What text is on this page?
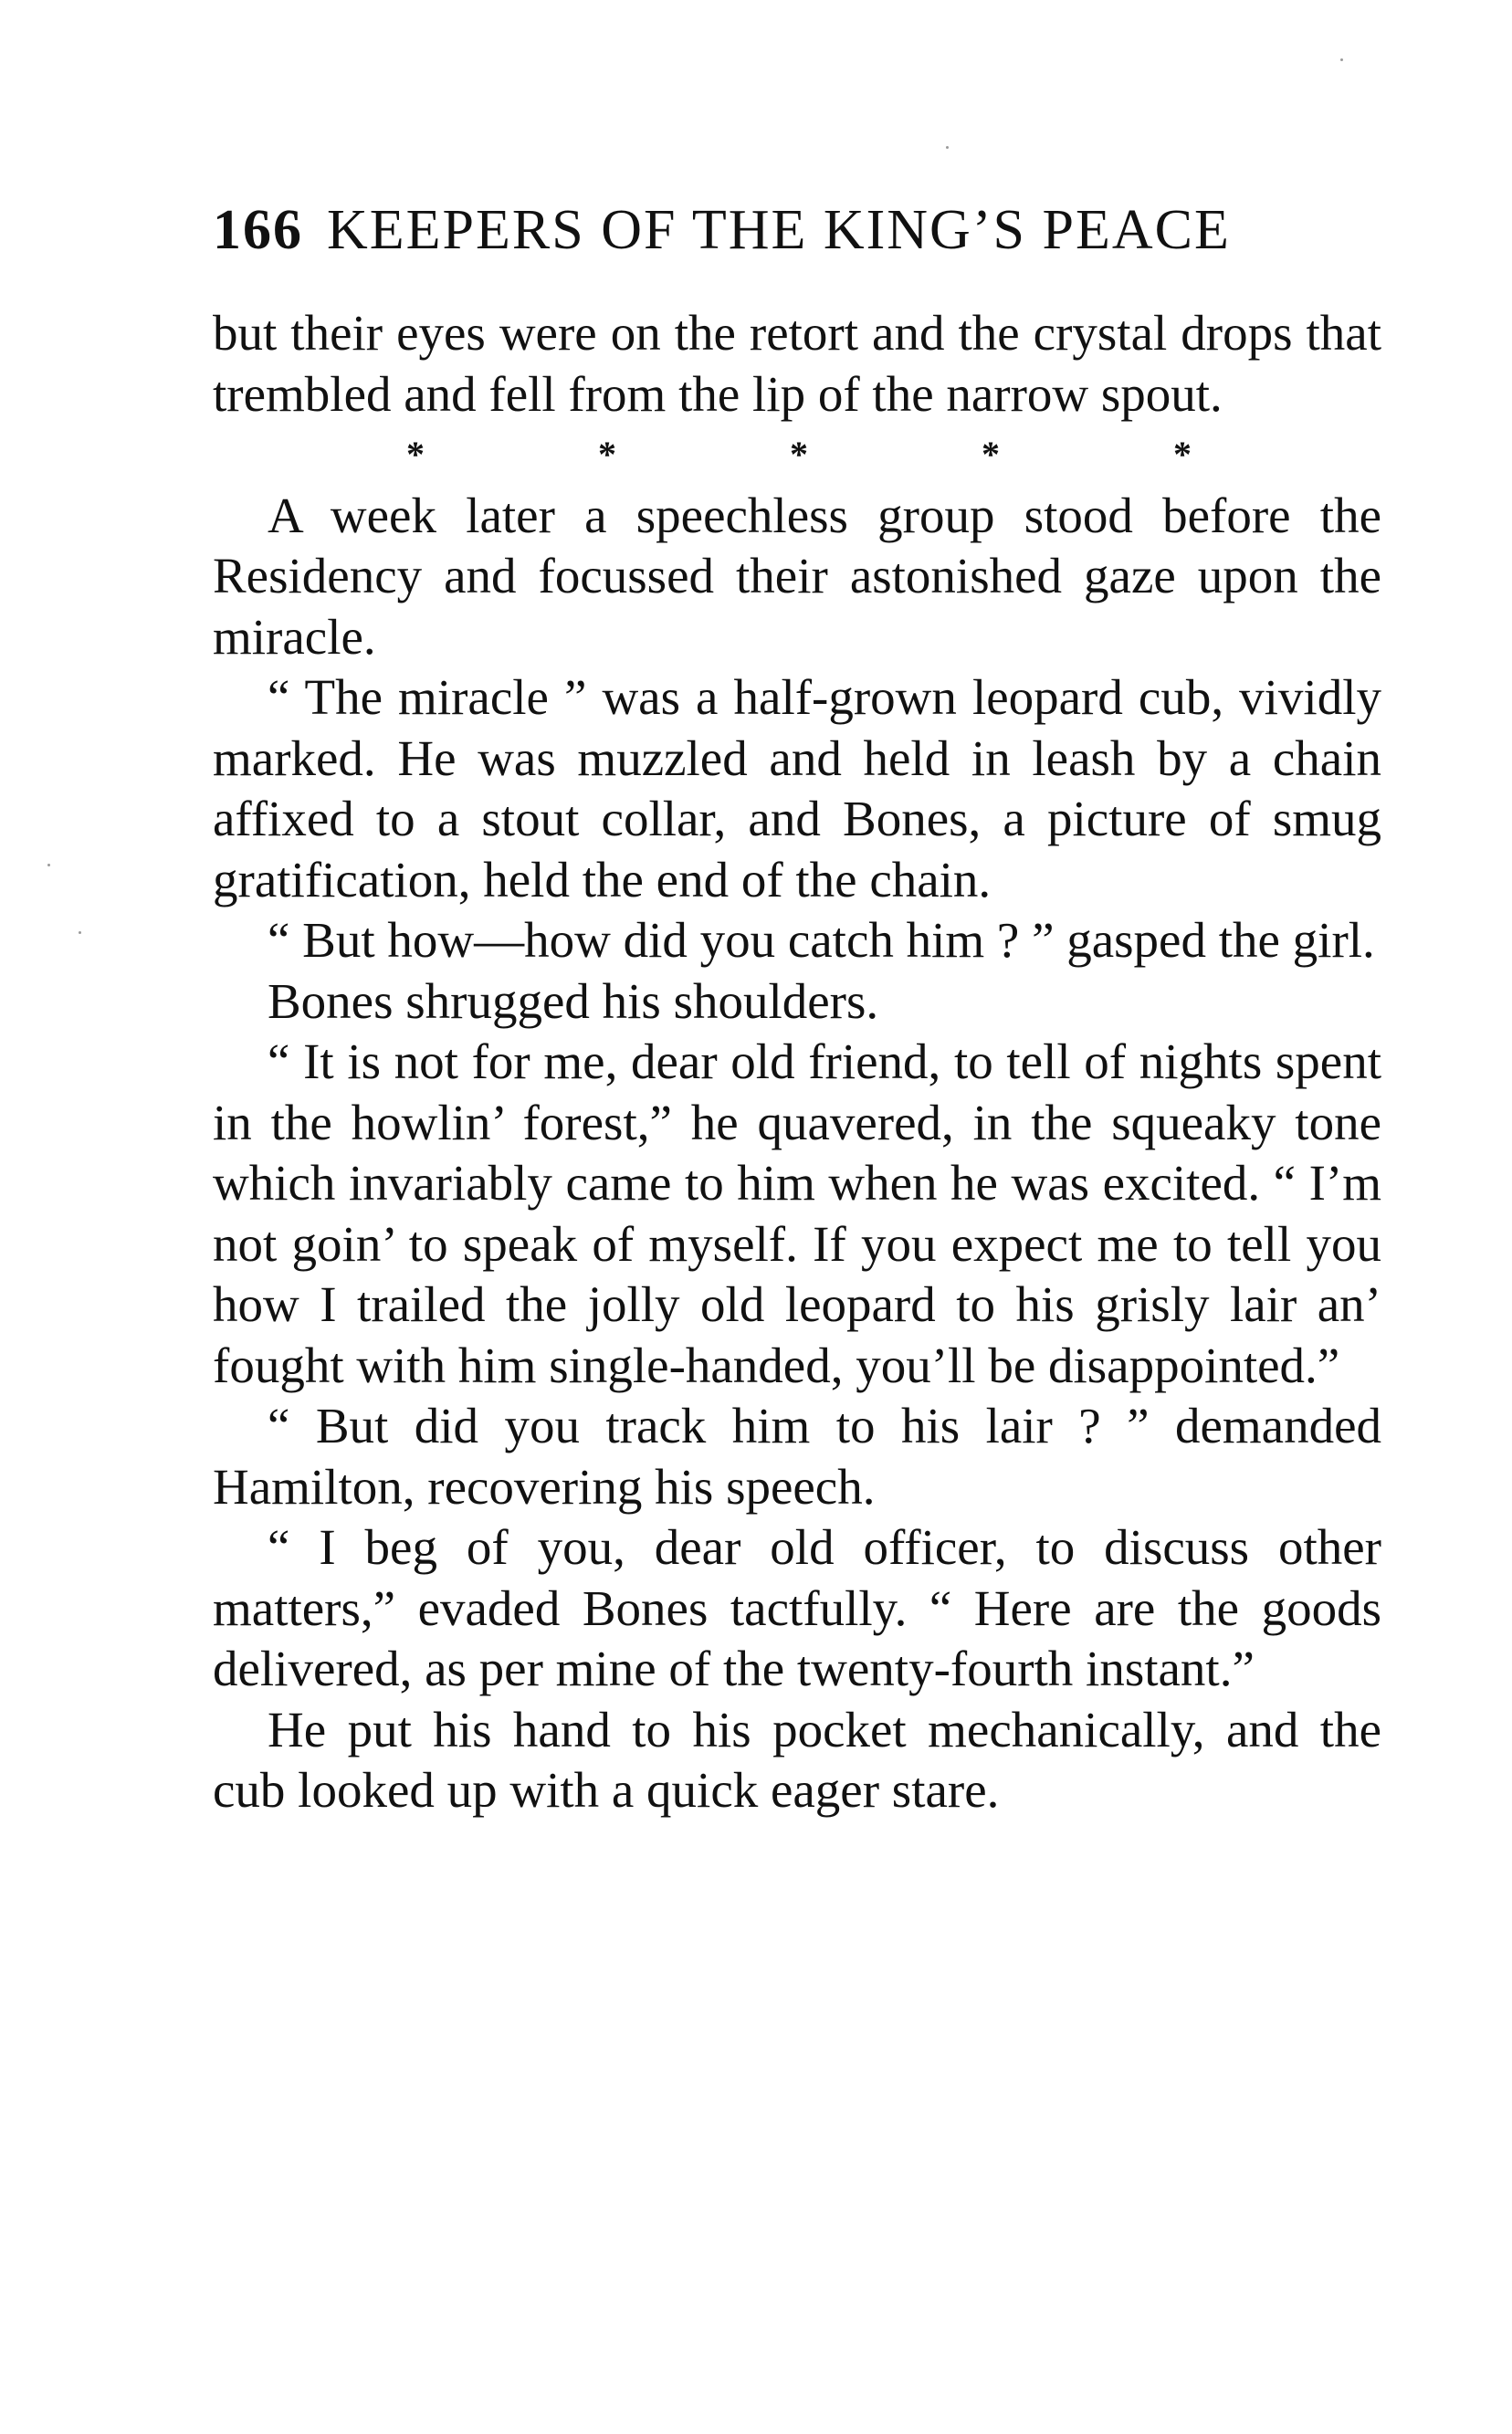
166 KEEPERS OF THE KING’S PEACE

but their eyes were on the retort and the crystal drops that trembled and fell from the lip of the narrow spout.

*	*	*	*	*

A week later a speechless group stood before the Residency and focussed their astonished gaze upon the miracle.

“ The miracle ” was a half-grown leopard cub, vividly marked. He was muzzled and held in leash by a chain affixed to a stout collar, and Bones, a picture of smug gratification, held the end of the chain.

“ But how—how did you catch him ? ” gasped the girl.

Bones shrugged his shoulders.

“ It is not for me, dear old friend, to tell of nights spent in the howlin’ forest,” he quavered, in the squeaky tone which invariably came to him when he was excited. “ I’m not goin’ to speak of myself. If you expect me to tell you how I trailed the jolly old leopard to his grisly lair an’ fought with him single-handed, you’ll be disappointed.”

“ But did you track him to his lair ? ” demanded Hamilton, recovering his speech.

“ I beg of you, dear old officer, to discuss other matters,” evaded Bones tactfully. “ Here are the goods delivered, as per mine of the twenty-fourth instant.”

He put his hand to his pocket mechanically, and the cub looked up with a quick eager stare.
